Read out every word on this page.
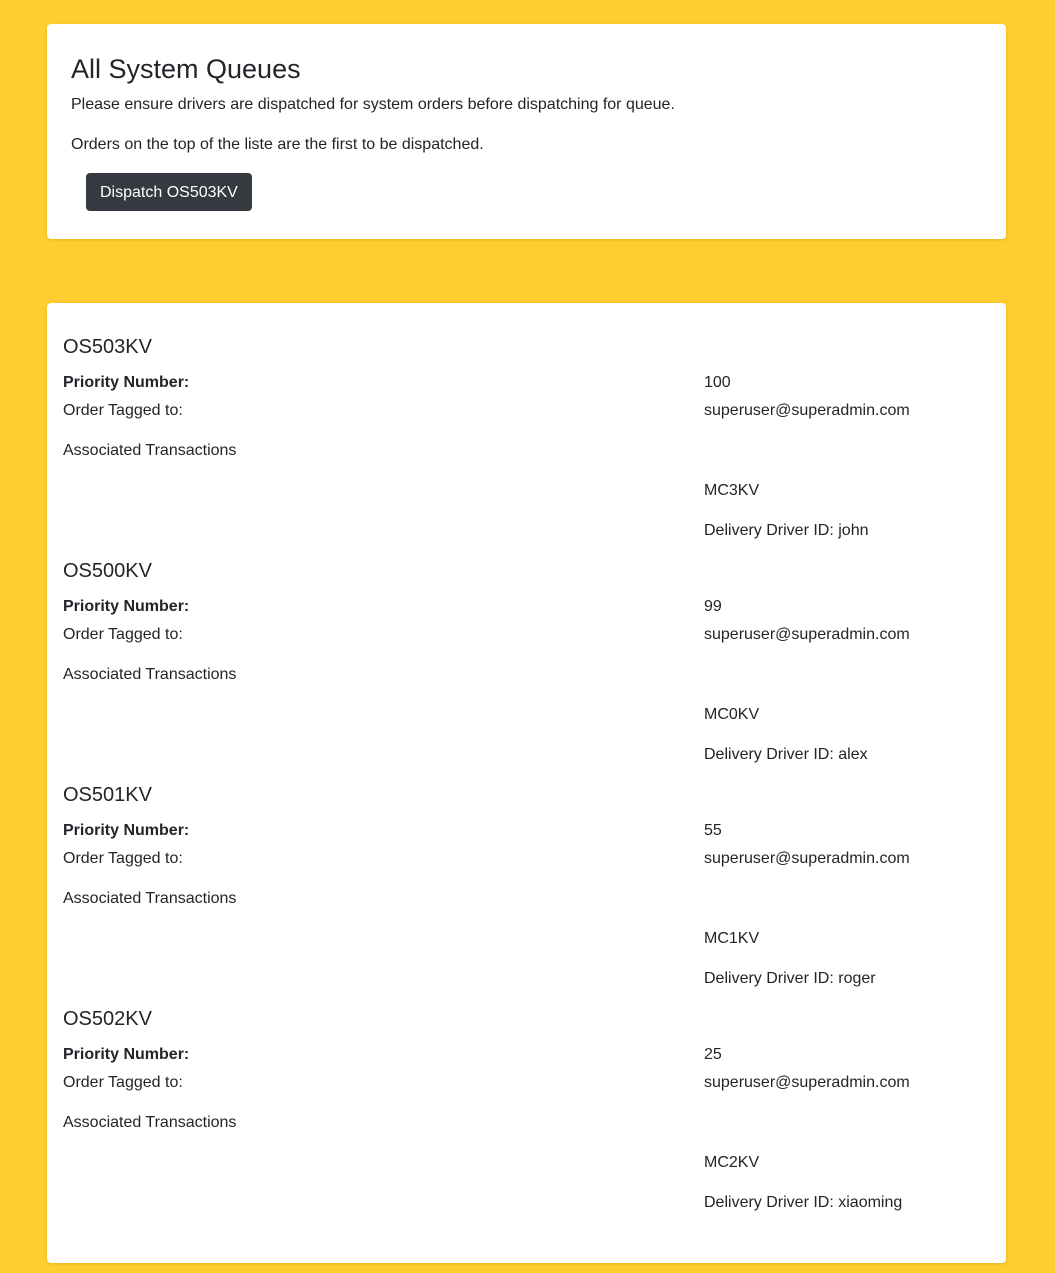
All System Queues

Please ensure drivers are dispatched for system orders before dispatching for queue.

Orders on the top of the liste are the first to be dispatched.

Dispatch OS503KV
OS503KV
Priority Number:	100
Order Tagged to:	superuser@superadmin.com
Associated Transactions
MC3KV
Delivery Driver ID: john
OS500KV
Priority Number:	99
Order Tagged to:	superuser@superadmin.com
Associated Transactions
MC0KV
Delivery Driver ID: alex
OS501KV
Priority Number:	55
Order Tagged to:	superuser@superadmin.com
Associated Transactions
MC1KV
Delivery Driver ID: roger
OS502KV
Priority Number:	25
Order Tagged to:	superuser@superadmin.com
Associated Transactions
MC2KV
Delivery Driver ID: xiaoming
